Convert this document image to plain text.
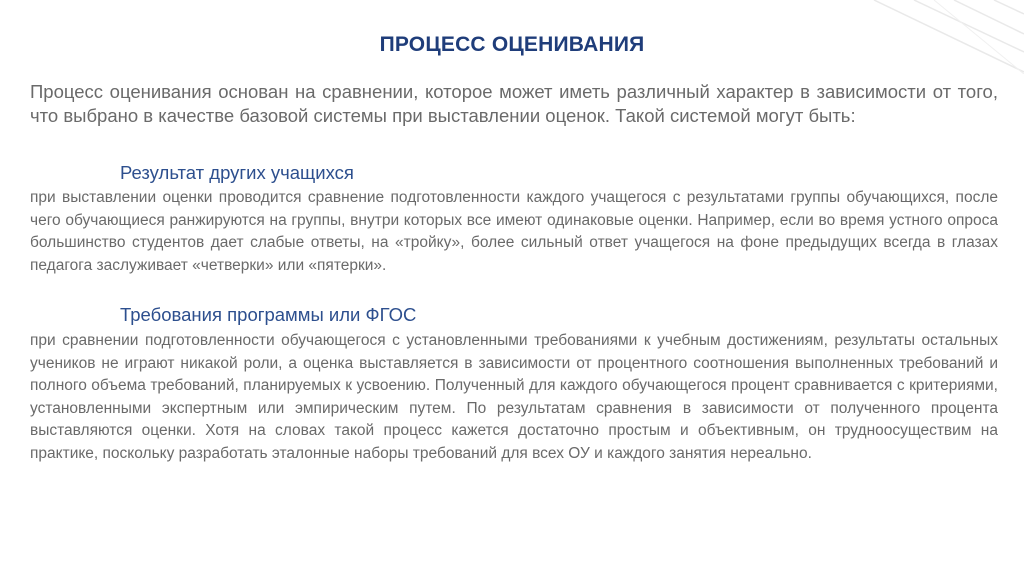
ПРОЦЕСС ОЦЕНИВАНИЯ
Процесс оценивания основан на сравнении, которое может иметь различный характер в зависимости от того, что выбрано в качестве базовой системы при выставлении оценок. Такой системой могут быть:
Результат других учащихся
при выставлении оценки проводится сравнение подготовленности каждого учащегося с результатами группы обучающихся, после чего обучающиеся ранжируются на группы, внутри которых все имеют одинаковые оценки. Например, если во время устного опроса большинство студентов дает слабые ответы, на «тройку», более сильный ответ учащегося на фоне предыдущих всегда в глазах педагога заслуживает «четверки» или «пятерки».
Требования программы или ФГОС
при сравнении подготовленности обучающегося с установленными требованиями к учебным достижениям, результаты остальных учеников не играют никакой роли, а оценка выставляется в зависимости от процентного соотношения выполненных требований и полного объема требований, планируемых к усвоению. Полученный для каждого обучающегося процент сравнивается с критериями, установленными экспертным или эмпирическим путем. По результатам сравнения в зависимости от полученного процента выставляются оценки. Хотя на словах такой процесс кажется достаточно простым и объективным, он трудноосуществим на практике, поскольку разработать эталонные наборы требований для всех ОУ и каждого занятия нереально.
